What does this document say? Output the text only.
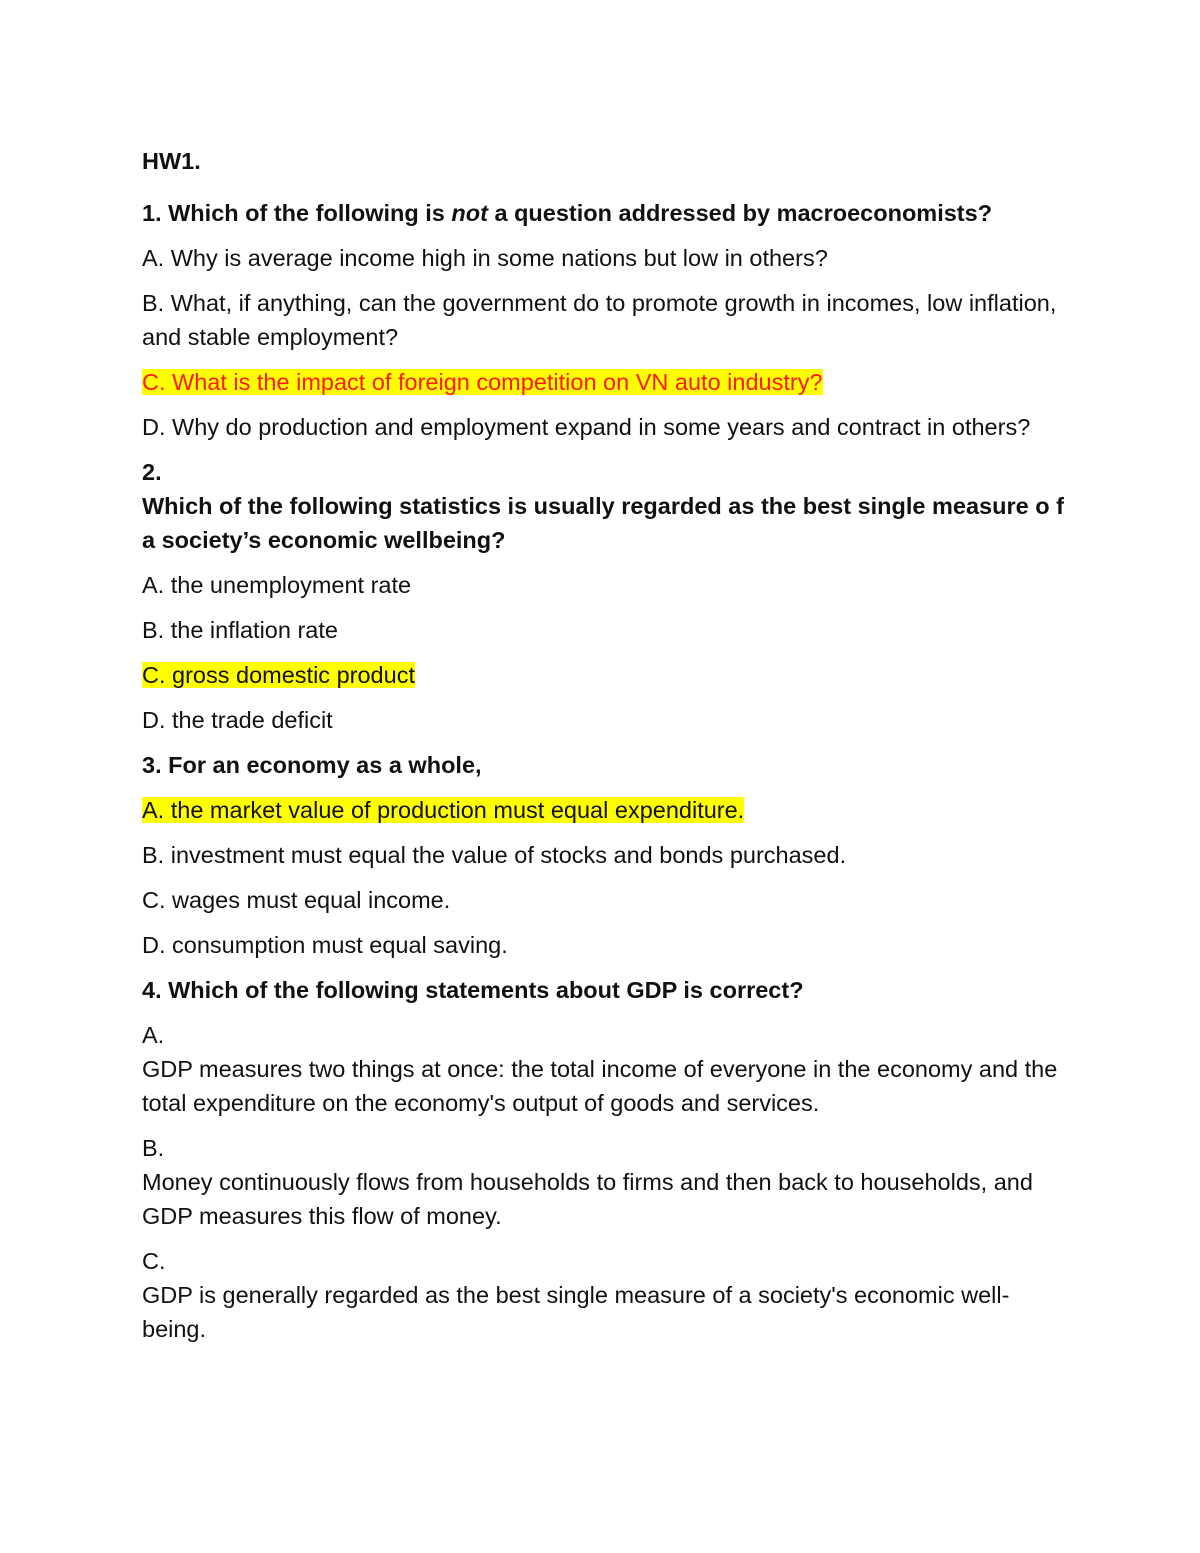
HW1.

1. Which of the following is not a question addressed by macroeconomists?

A. Why is average income high in some nations but low in others?

B. What, if anything, can the government do to promote growth in incomes, low inflation, and stable employment?

C. What is the impact of foreign competition on VN auto industry?

D. Why do production and employment expand in some years and contract in others?

2.
Which of the following statistics is usually regarded as the best single measure o f a society’s economic wellbeing?

A. the unemployment rate

B. the inflation rate

C. gross domestic product

D. the trade deficit

3. For an economy as a whole,

A. the market value of production must equal expenditure.

B. investment must equal the value of stocks and bonds purchased.

C. wages must equal income.

D. consumption must equal saving.

4. Which of the following statements about GDP is correct?

A.
GDP measures two things at once: the total income of everyone in the economy and the total expenditure on the economy's output of goods and services.

B.
Money continuously flows from households to firms and then back to households, and GDP measures this flow of money.

C.
GDP is generally regarded as the best single measure of a society's economic well-being.
